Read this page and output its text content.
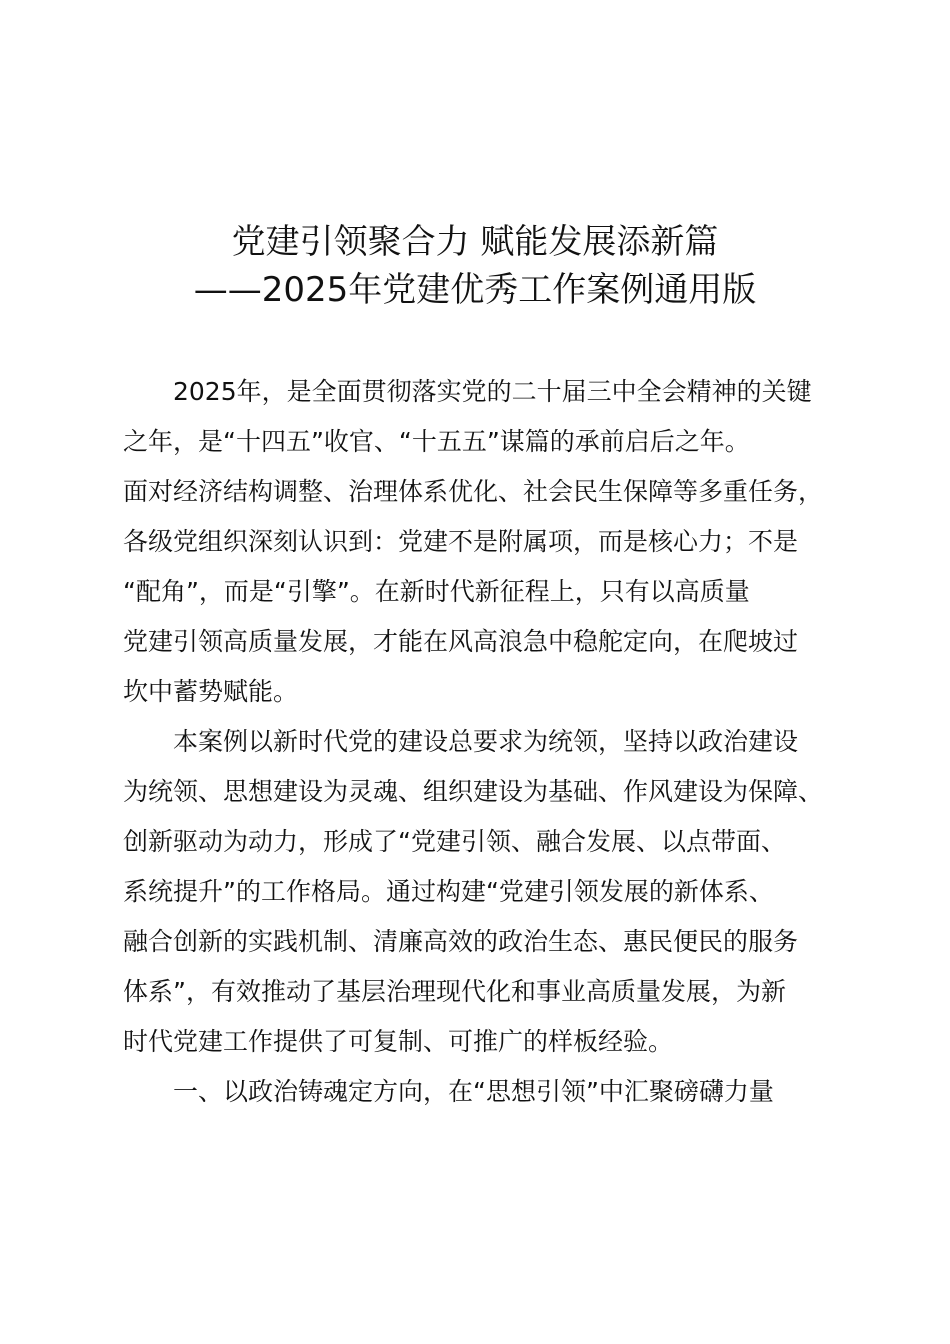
党建引领聚合力 赋能发展添新篇
——2025年党建优秀工作案例通用版
2025年，是全面贯彻落实党的二十届三中全会精神的关键
之年，是“十四五”收官、“十五五”谋篇的承前启后之年。
面对经济结构调整、治理体系优化、社会民生保障等多重任务，
各级党组织深刻认识到：党建不是附属项，而是核心力；不是
“配角”，而是“引擎”。在新时代新征程上，只有以高质量
党建引领高质量发展，才能在风高浪急中稳舵定向，在爬坡过
坎中蓄势赋能。
本案例以新时代党的建设总要求为统领，坚持以政治建设
为统领、思想建设为灵魂、组织建设为基础、作风建设为保障、
创新驱动为动力，形成了“党建引领、融合发展、以点带面、
系统提升”的工作格局。通过构建“党建引领发展的新体系、
融合创新的实践机制、清廉高效的政治生态、惠民便民的服务
体系”，有效推动了基层治理现代化和事业高质量发展，为新
时代党建工作提供了可复制、可推广的样板经验。
一、以政治铸魂定方向，在“思想引领”中汇聚磅礴力量
